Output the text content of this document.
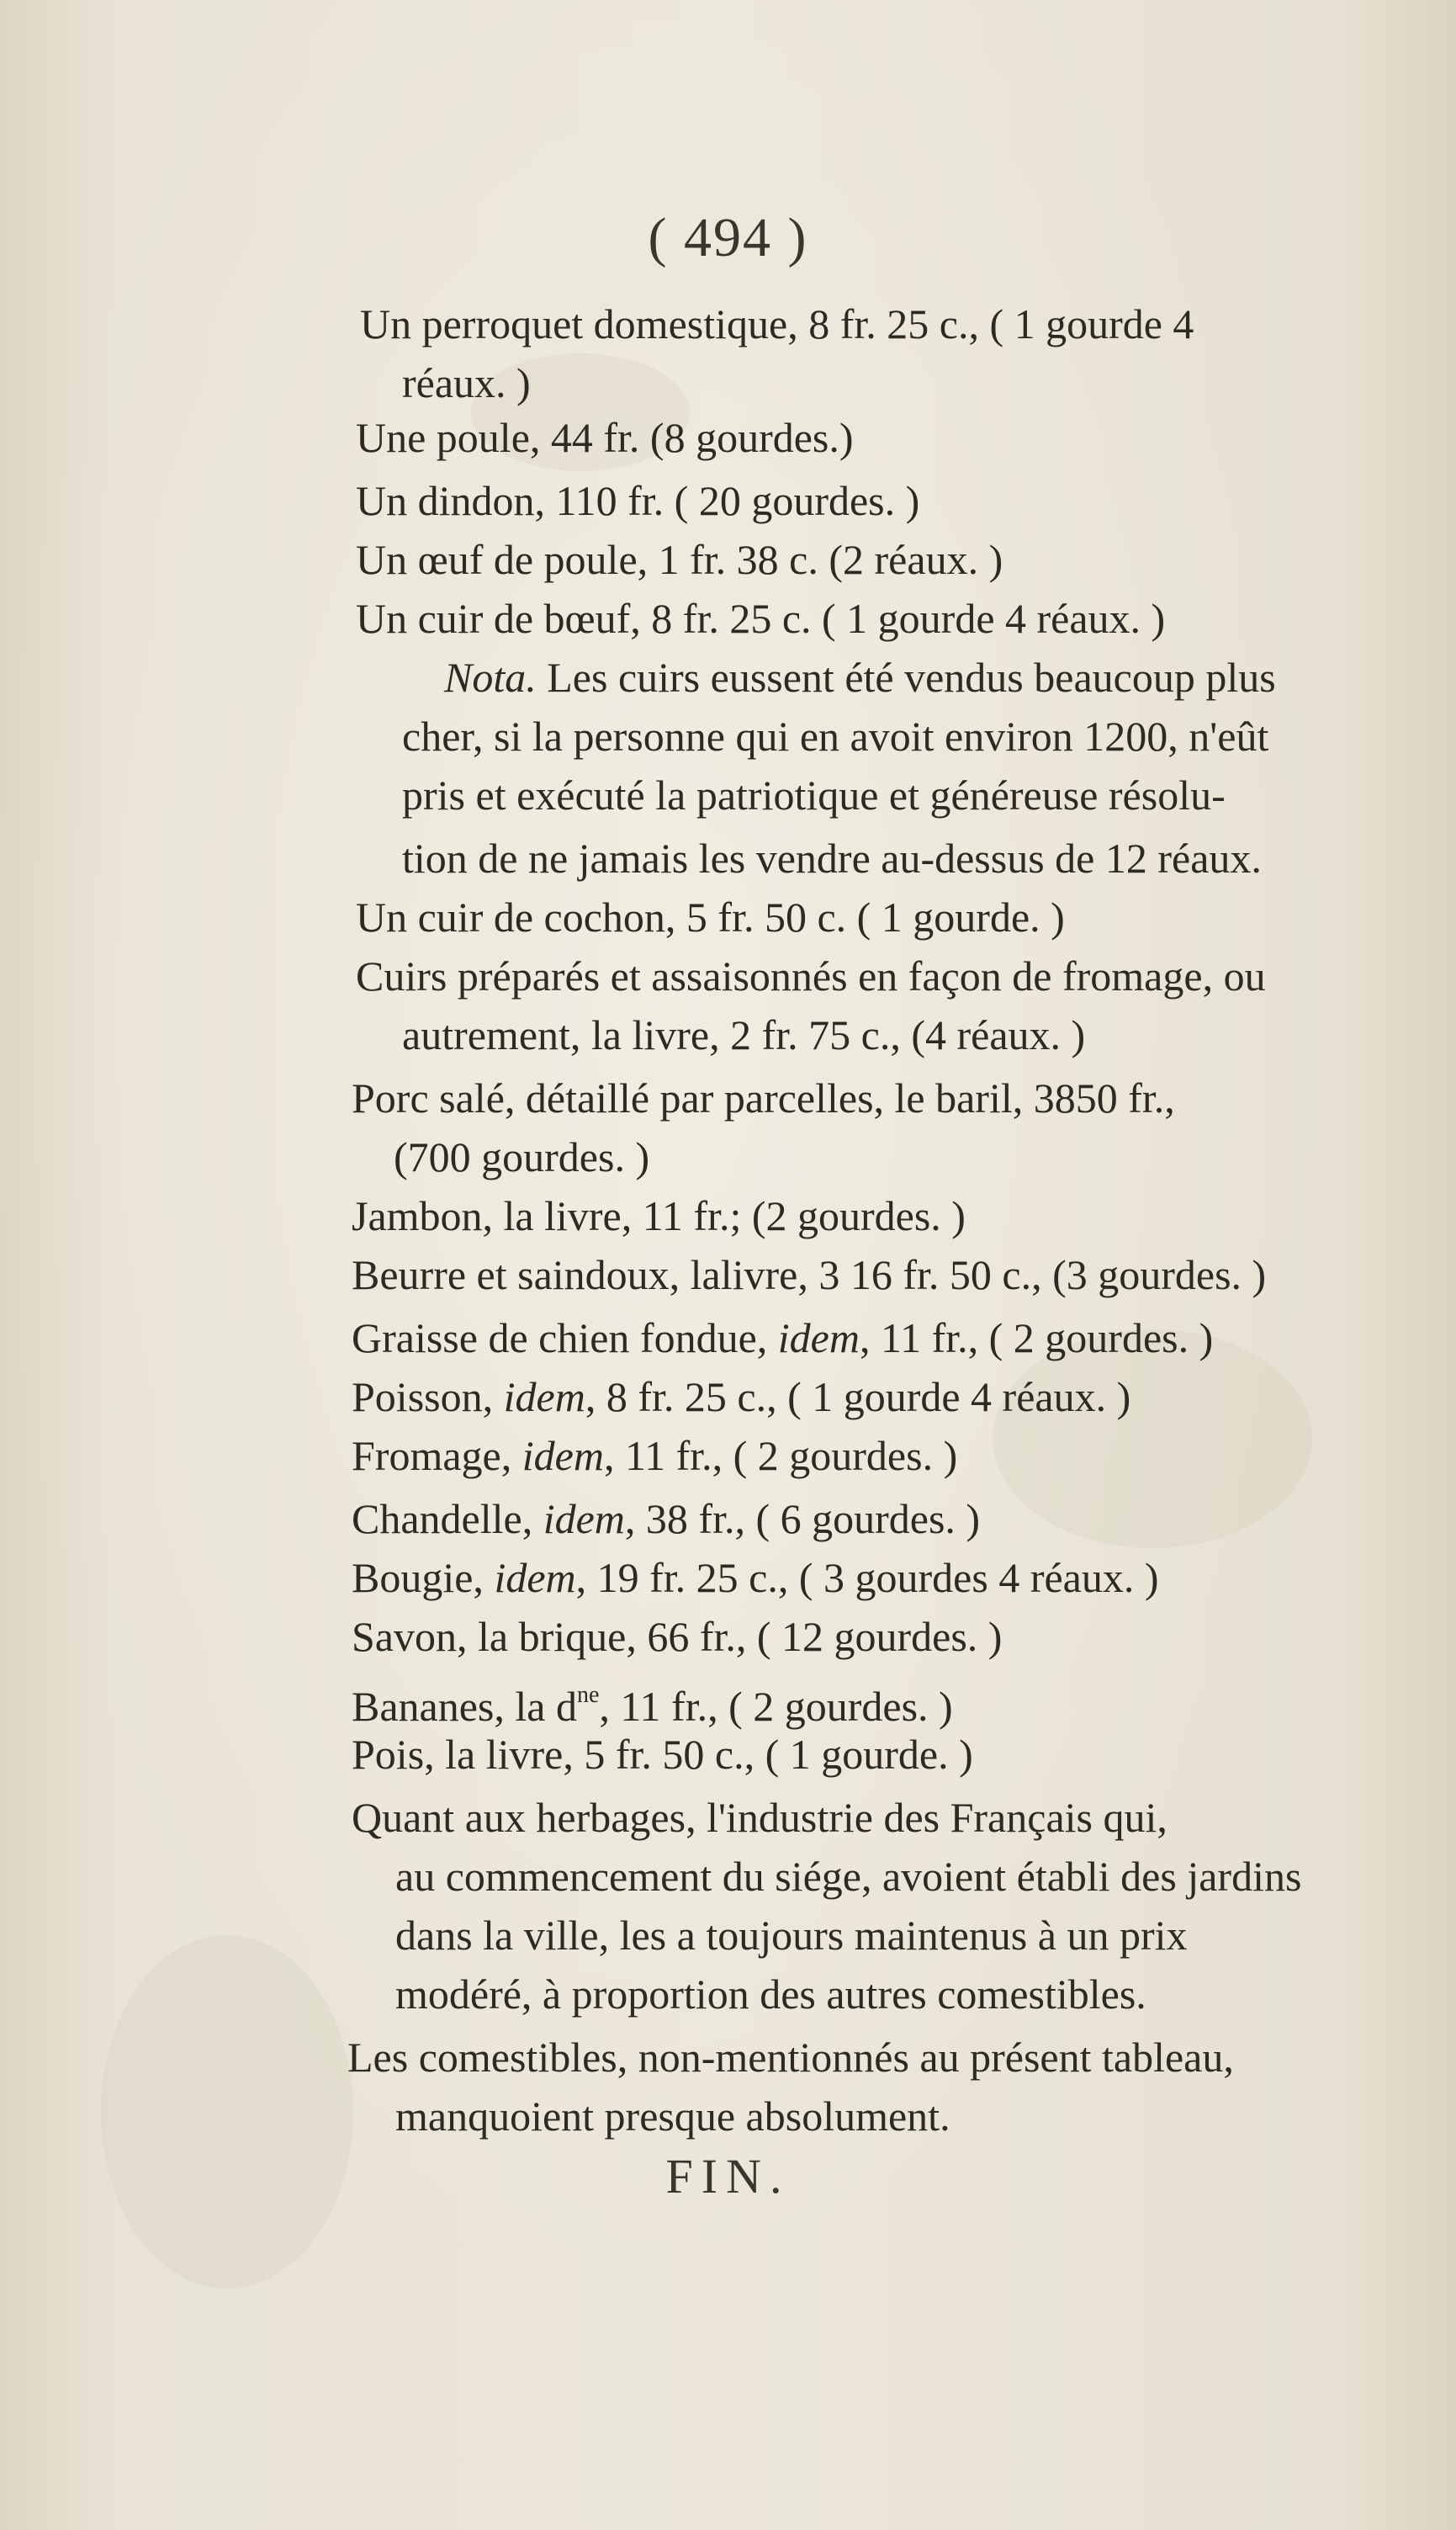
( 494 )
Un perroquet domestique, 8 fr. 25 c., ( 1 gourde 4
réaux. )
Une poule, 44 fr. (8 gourdes.)
Un dindon, 110 fr. ( 20 gourdes. )
Un œuf de poule, 1 fr. 38 c. (2 réaux. )
Un cuir de bœuf, 8 fr. 25 c. ( 1 gourde 4 réaux. )
Nota. Les cuirs eussent été vendus beaucoup plus
cher, si la personne qui en avoit environ 1200, n'eût
pris et exécuté la patriotique et généreuse résolu-
tion de ne jamais les vendre au-dessus de 12 réaux.
Un cuir de cochon, 5 fr. 50 c. ( 1 gourde. )
Cuirs préparés et assaisonnés en façon de fromage, ou
autrement, la livre, 2 fr. 75 c., (4 réaux. )
Porc salé, détaillé par parcelles, le baril, 3850 fr.,
(700 gourdes. )
Jambon, la livre, 11 fr.; (2 gourdes. )
Beurre et saindoux, lalivre, 3 16 fr. 50 c., (3 gourdes. )
Graisse de chien fondue, idem, 11 fr., ( 2 gourdes. )
Poisson, idem, 8 fr. 25 c., ( 1 gourde 4 réaux. )
Fromage, idem, 11 fr., ( 2 gourdes. )
Chandelle, idem, 38 fr., ( 6 gourdes. )
Bougie, idem, 19 fr. 25 c., ( 3 gourdes 4 réaux. )
Savon, la brique, 66 fr., ( 12 gourdes. )
Bananes, la $d^{ne}$, 11 fr., ( 2 gourdes. )
Pois, la livre, 5 fr. 50 c., ( 1 gourde. )
Quant aux herbages, l'industrie des Français qui,
au commencement du siége, avoient établi des jardins
dans la ville, les a toujours maintenus à un prix
modéré, à proportion des autres comestibles.
Les comestibles, non-mentionnés au présent tableau,
manquoient presque absolument.
FIN.
